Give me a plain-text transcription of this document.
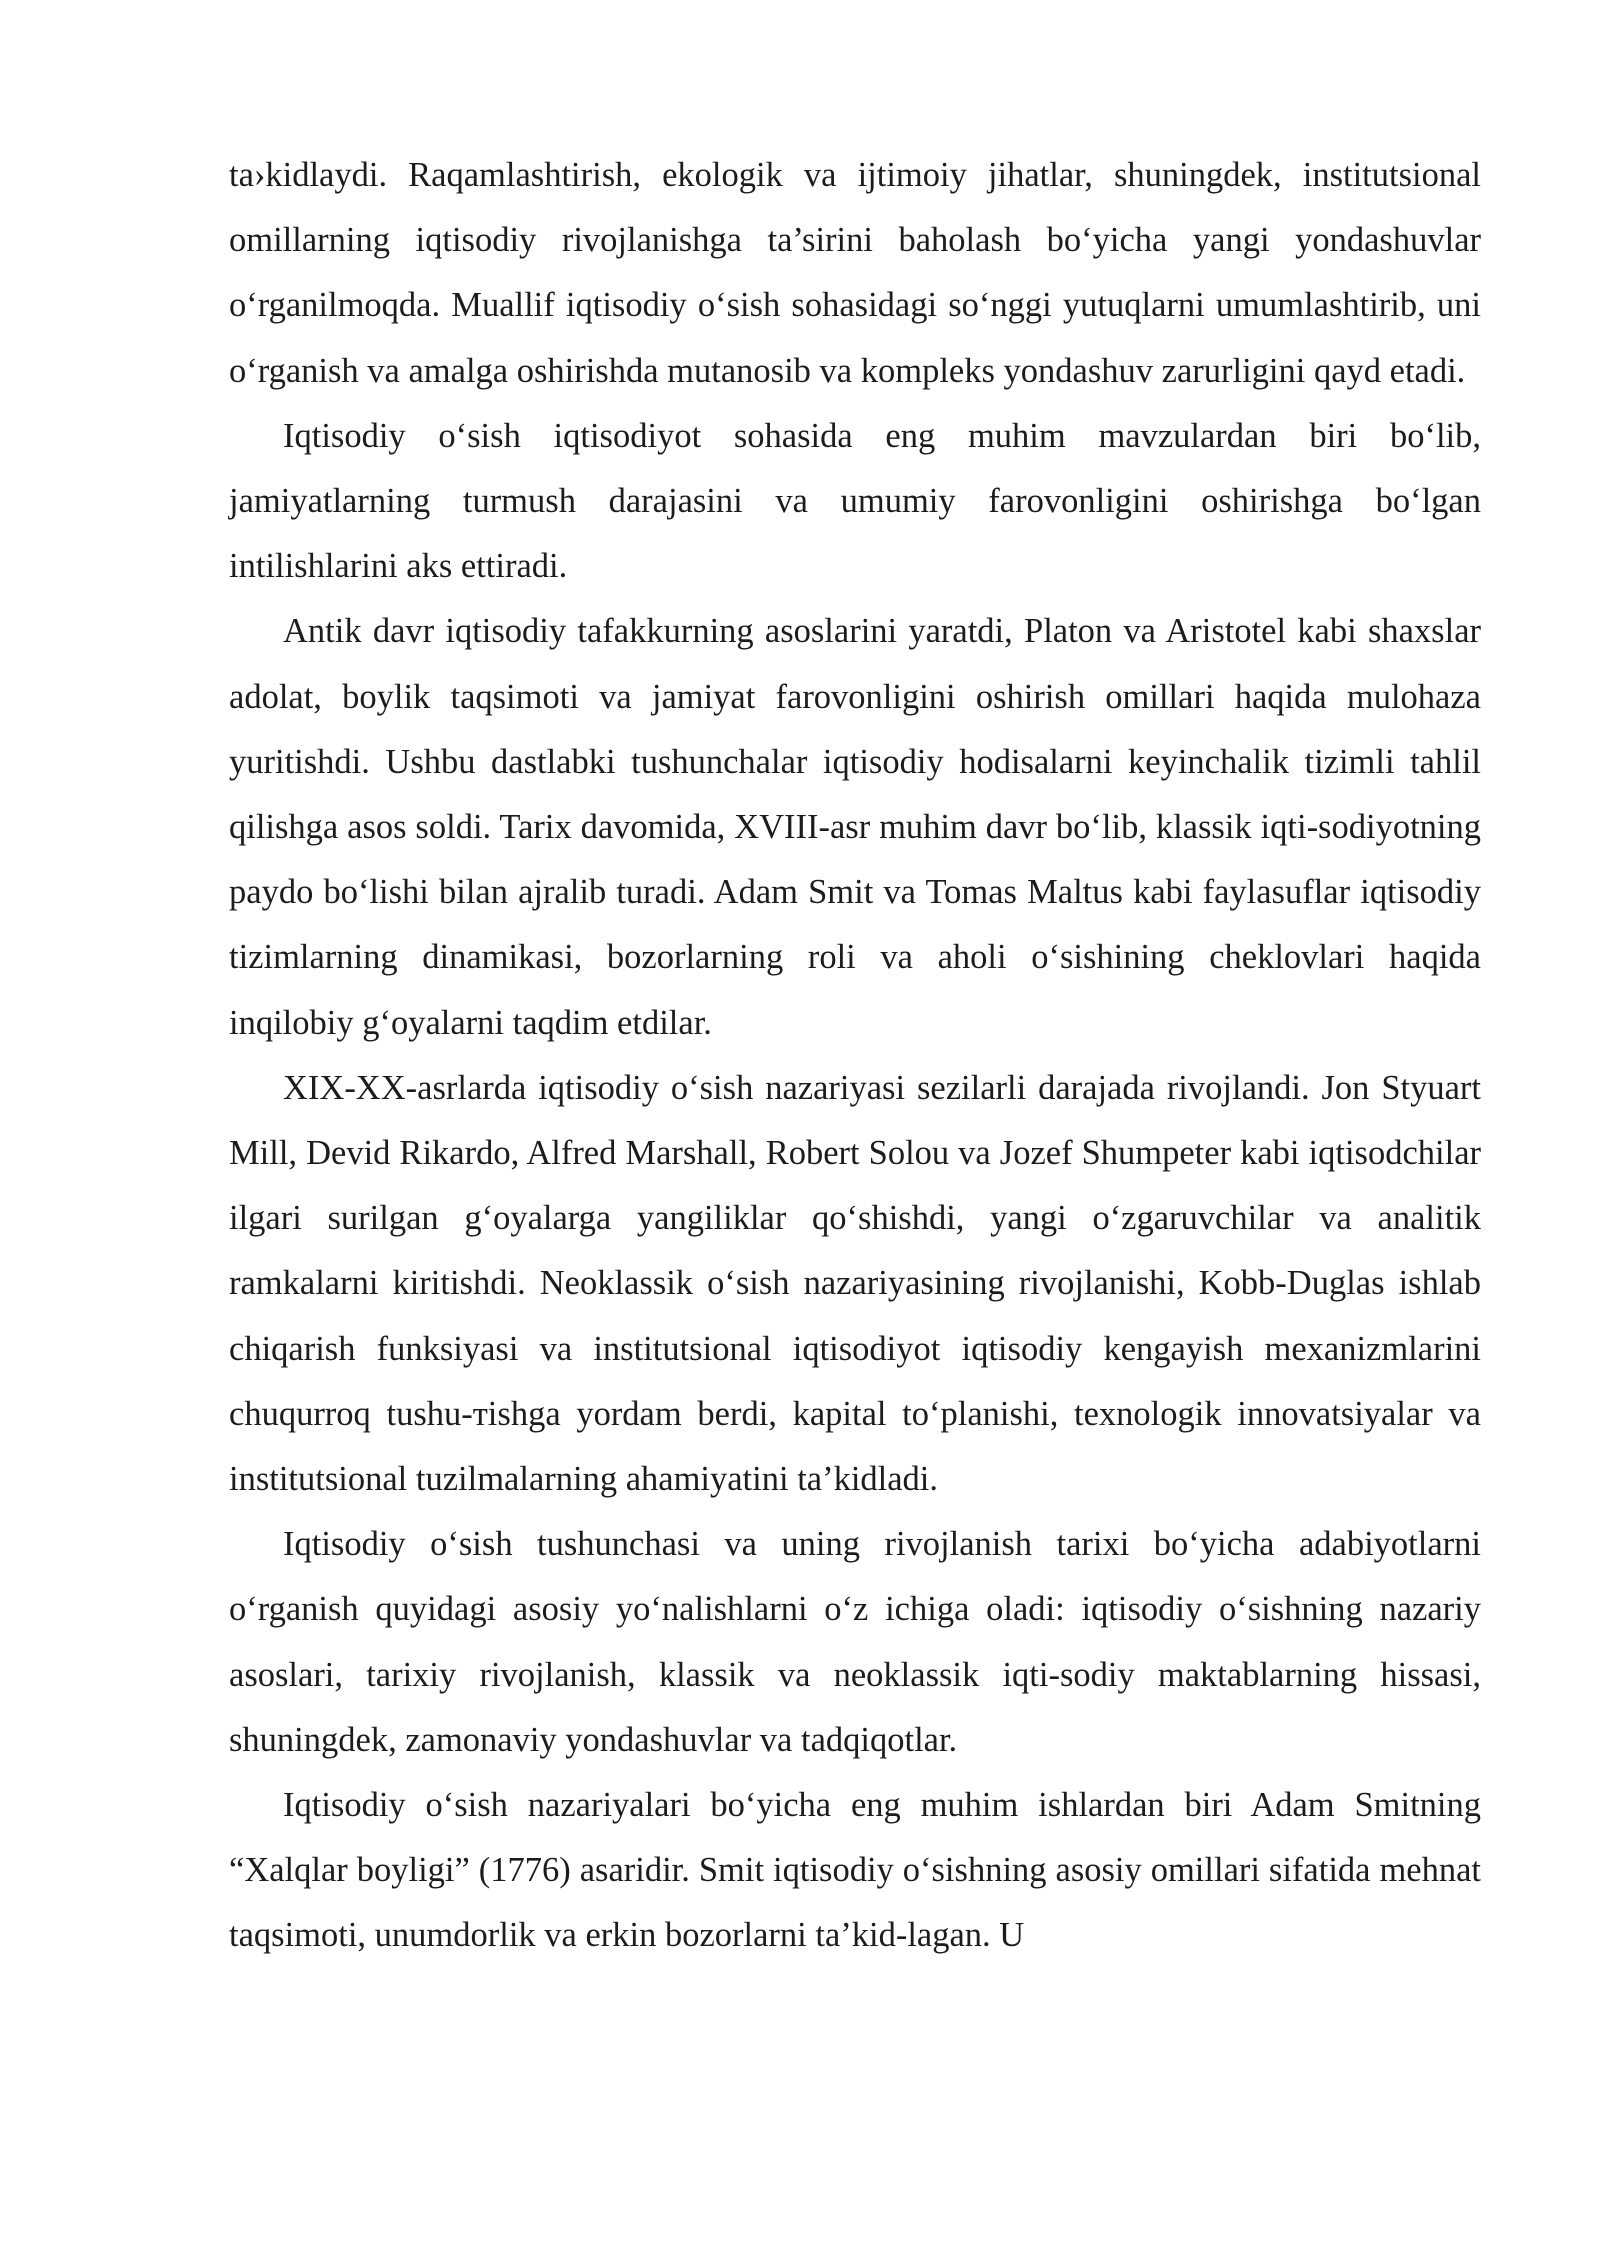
ta›kidlaydi. Raqamlashtirish, ekologik va ijtimoiy jihatlar, shuningdek, institutsional omillarning iqtisodiy rivojlanishga ta’sirini baholash bo‘yicha yangi yondashuvlar o‘rganilmoqda. Muallif iqtisodiy o‘sish sohasidagi so‘nggi yutuqlarni umumlashtirib, uni o‘rganish va amalga oshirishda mutanosib va kompleks yondashuv zarurligini qayd etadi.

Iqtisodiy o‘sish iqtisodiyot sohasida eng muhim mavzulardan biri bo‘lib, jamiyatlarning turmush darajasini va umumiy farovonligini oshirishga bo‘lgan intilishlarini aks ettiradi.

Antik davr iqtisodiy tafakkurning asoslarini yaratdi, Platon va Aristotel kabi shaxslar adolat, boylik taqsimoti va jamiyat farovonligini oshirish omillari haqida mulohaza yuritishdi. Ushbu dastlabki tushunchalar iqtisodiy hodisalarni keyinchalik tizimli tahlil qilishga asos soldi. Tarix davomida, XVIII-asr muhim davr bo‘lib, klassik iqti-sodiyotning paydo bo‘lishi bilan ajralib turadi. Adam Smit va Tomas Maltus kabi faylasuflar iqtisodiy tizimlarning dinamikasi, bozorlarning roli va aholi o‘sishining cheklovlari haqida inqilobiy g‘oyalarni taqdim etdilar.

XIX-XX-asrlarda iqtisodiy o‘sish nazariyasi sezilarli darajada rivojlandi. Jon Styuart Mill, Devid Rikardo, Alfred Marshall, Robert Solou va Jozef Shumpeter kabi iqtisodchilar ilgari surilgan g‘oyalarga yangiliklar qo‘shishdi, yangi o‘zgaruvchilar va analitik ramkalarni kiritishdi. Neoklassik o‘sish nazariyasining rivojlanishi, Kobb-Duglas ishlab chiqarish funksiyasi va institutsional iqtisodiyot iqtisodiy kengayish mexanizmlarini chuqurroq tushu-тishga yordam berdi, kapital to‘planishi, texnologik innovatsiyalar va institutsional tuzilmalarning ahamiyatini ta’kidladi.

Iqtisodiy o‘sish tushunchasi va uning rivojlanish tarixi bo‘yicha adabiyotlarni o‘rganish quyidagi asosiy yo‘nalishlarni o‘z ichiga oladi: iqtisodiy o‘sishning nazariy asoslari, tarixiy rivojlanish, klassik va neoklassik iqti-sodiy maktablarning hissasi, shuningdek, zamonaviy yondashuvlar va tadqiqotlar.

Iqtisodiy o‘sish nazariyalari bo‘yicha eng muhim ishlardan biri Adam Smitning “Xalqlar boyligi” (1776) asaridir. Smit iqtisodiy o‘sishning asosiy omillari sifatida mehnat taqsimoti, unumdorlik va erkin bozorlarni ta’kid-lagan. U
